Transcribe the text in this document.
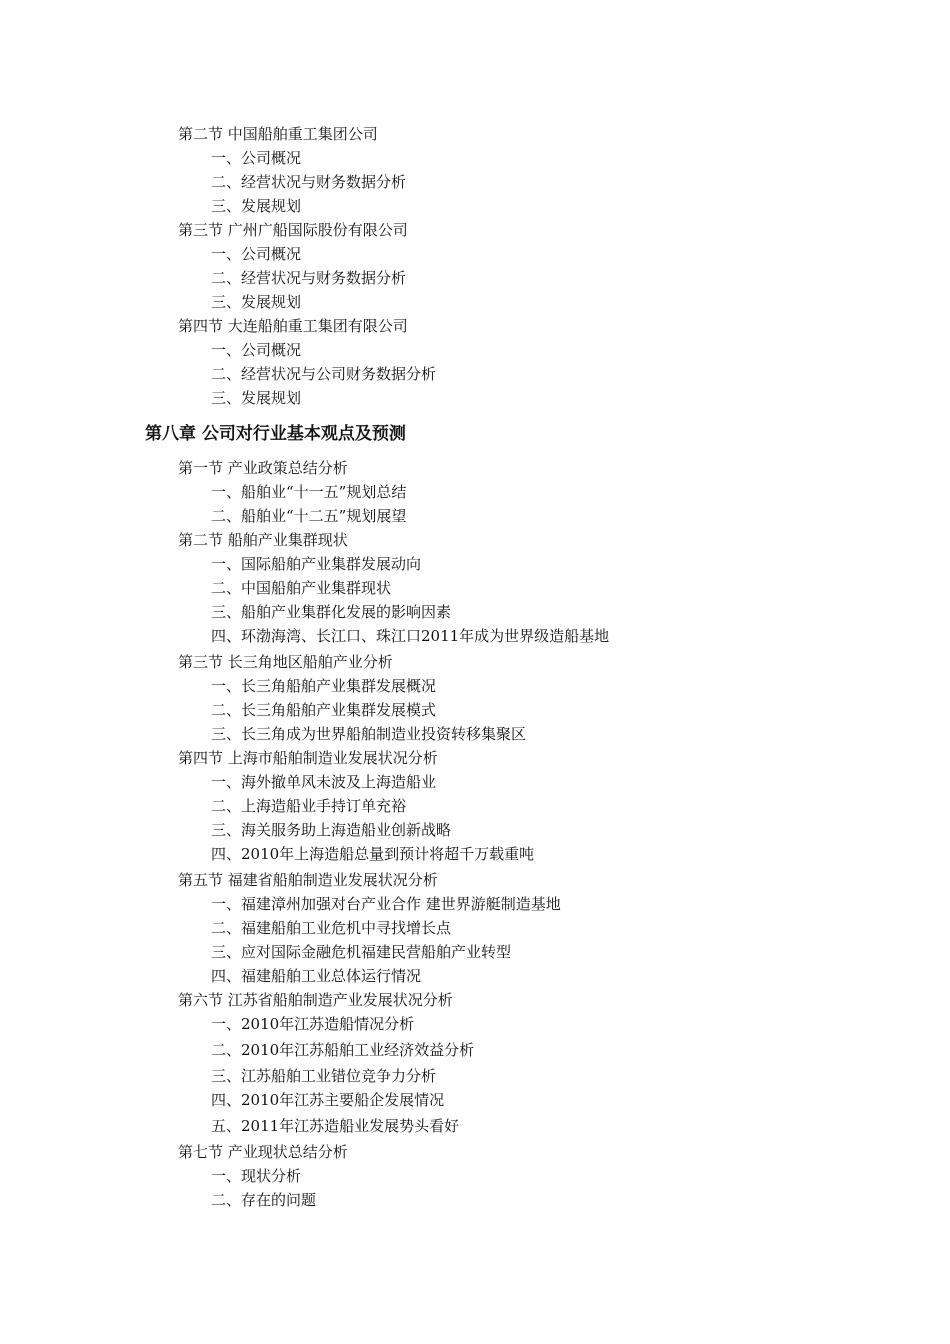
第二节 中国船舶重工集团公司
一、公司概况
二、经营状况与财务数据分析
三、发展规划
第三节 广州广船国际股份有限公司
一、公司概况
二、经营状况与财务数据分析
三、发展规划
第四节 大连船舶重工集团有限公司
一、公司概况
二、经营状况与公司财务数据分析
三、发展规划
第八章 公司对行业基本观点及预测
第一节 产业政策总结分析
一、船舶业“十一五”规划总结
二、船舶业“十二五”规划展望
第二节 船舶产业集群现状
一、国际船舶产业集群发展动向
二、中国船舶产业集群现状
三、船舶产业集群化发展的影响因素
四、环渤海湾、长江口、珠江口2011年成为世界级造船基地
第三节 长三角地区船舶产业分析
一、长三角船舶产业集群发展概况
二、长三角船舶产业集群发展模式
三、长三角成为世界船舶制造业投资转移集聚区
第四节 上海市船舶制造业发展状况分析
一、海外撤单风未波及上海造船业
二、上海造船业手持订单充裕
三、海关服务助上海造船业创新战略
四、2010年上海造船总量到预计将超千万载重吨
第五节 福建省船舶制造业发展状况分析
一、福建漳州加强对台产业合作 建世界游艇制造基地
二、福建船舶工业危机中寻找增长点
三、应对国际金融危机福建民营船舶产业转型
四、福建船舶工业总体运行情况
第六节 江苏省船舶制造产业发展状况分析
一、2010年江苏造船情况分析
二、2010年江苏船舶工业经济效益分析
三、江苏船舶工业错位竞争力分析
四、2010年江苏主要船企发展情况
五、2011年江苏造船业发展势头看好
第七节 产业现状总结分析
一、现状分析
二、存在的问题
